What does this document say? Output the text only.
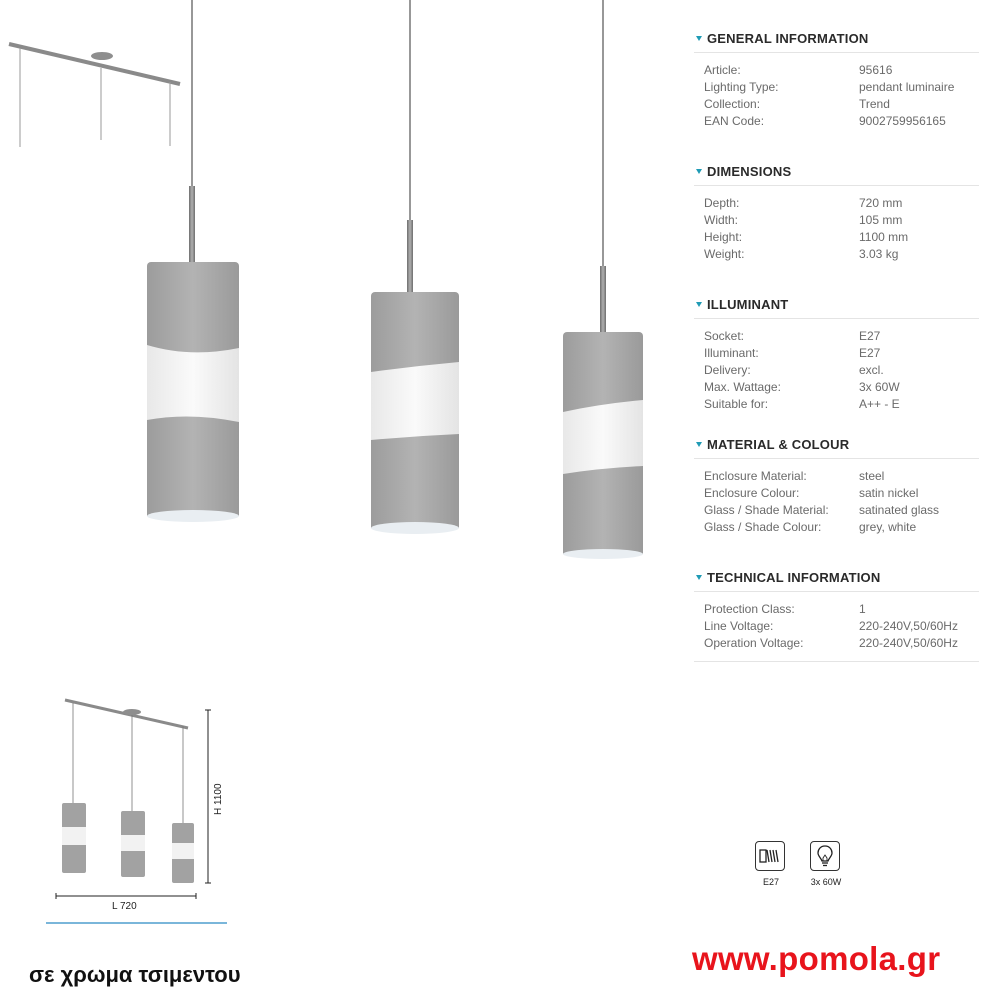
H 1100
L 720
GENERAL INFORMATION
Article:	95616
Lighting Type:	pendant luminaire
Collection:	Trend
EAN Code:	9002759956165
DIMENSIONS
Depth:	720 mm
Width:	105 mm
Height:	1100 mm
Weight:	3.03 kg
ILLUMINANT
Socket:	E27
Illuminant:	E27
Delivery:	excl.
Max. Wattage:	3x 60W
Suitable for:	A++ - E
MATERIAL & COLOUR
Enclosure Material:	steel
Enclosure Colour:	satin nickel
Glass / Shade Material:	satinated glass
Glass / Shade Colour:	grey, white
TECHNICAL INFORMATION
Protection Class:	1
Line Voltage:	220-240V,50/60Hz
Operation Voltage:	220-240V,50/60Hz
E27	3x 60W
www.pomola.gr
σε χρωμα τσιμεντου
